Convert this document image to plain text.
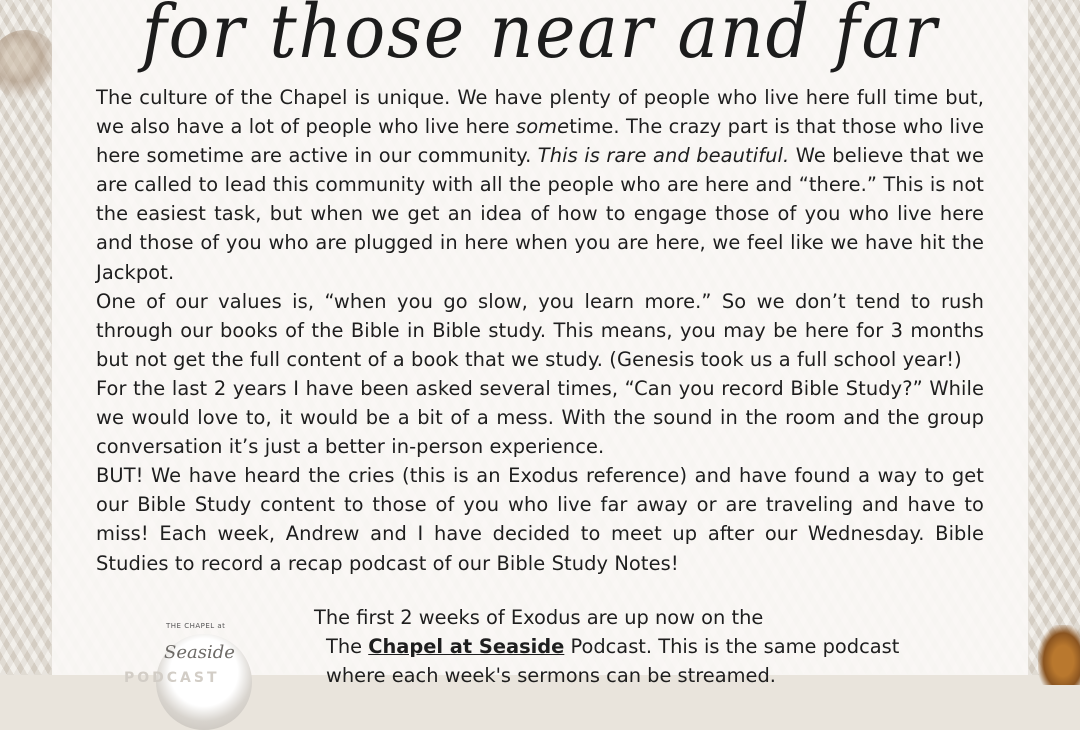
for those near and far

The culture of the Chapel is unique. We have plenty of people who live here full time but, we also have a lot of people who live here sometime. The crazy part is that those who live here sometime are active in our community. This is rare and beautiful. We believe that we are called to lead this community with all the people who are here and “there.” This is not the easiest task, but when we get an idea of how to engage those of you who live here and those of you who are plugged in here when you are here, we feel like we have hit the Jackpot.

One of our values is, “when you go slow, you learn more.” So we don’t tend to rush through our books of the Bible in Bible study. This means, you may be here for 3 months but not get the full content of a book that we study. (Genesis took us a full school year!)

For the last 2 years I have been asked several times, “Can you record Bible Study?” While we would love to, it would be a bit of a mess. With the sound in the room and the group conversation it’s just a better in-person experience.

BUT! We have heard the cries (this is an Exodus reference) and have found a way to get our Bible Study content to those of you who live far away or are traveling and have to miss! Each week, Andrew and I have decided to meet up after our Wednesday. Bible Studies to record a recap podcast of our Bible Study Notes!

THE CHAPEL at
Seaside
PODCAST
The first 2 weeks of Exodus are up now on the
The Chapel at Seaside Podcast. This is the same podcast
where each week's sermons can be streamed.
